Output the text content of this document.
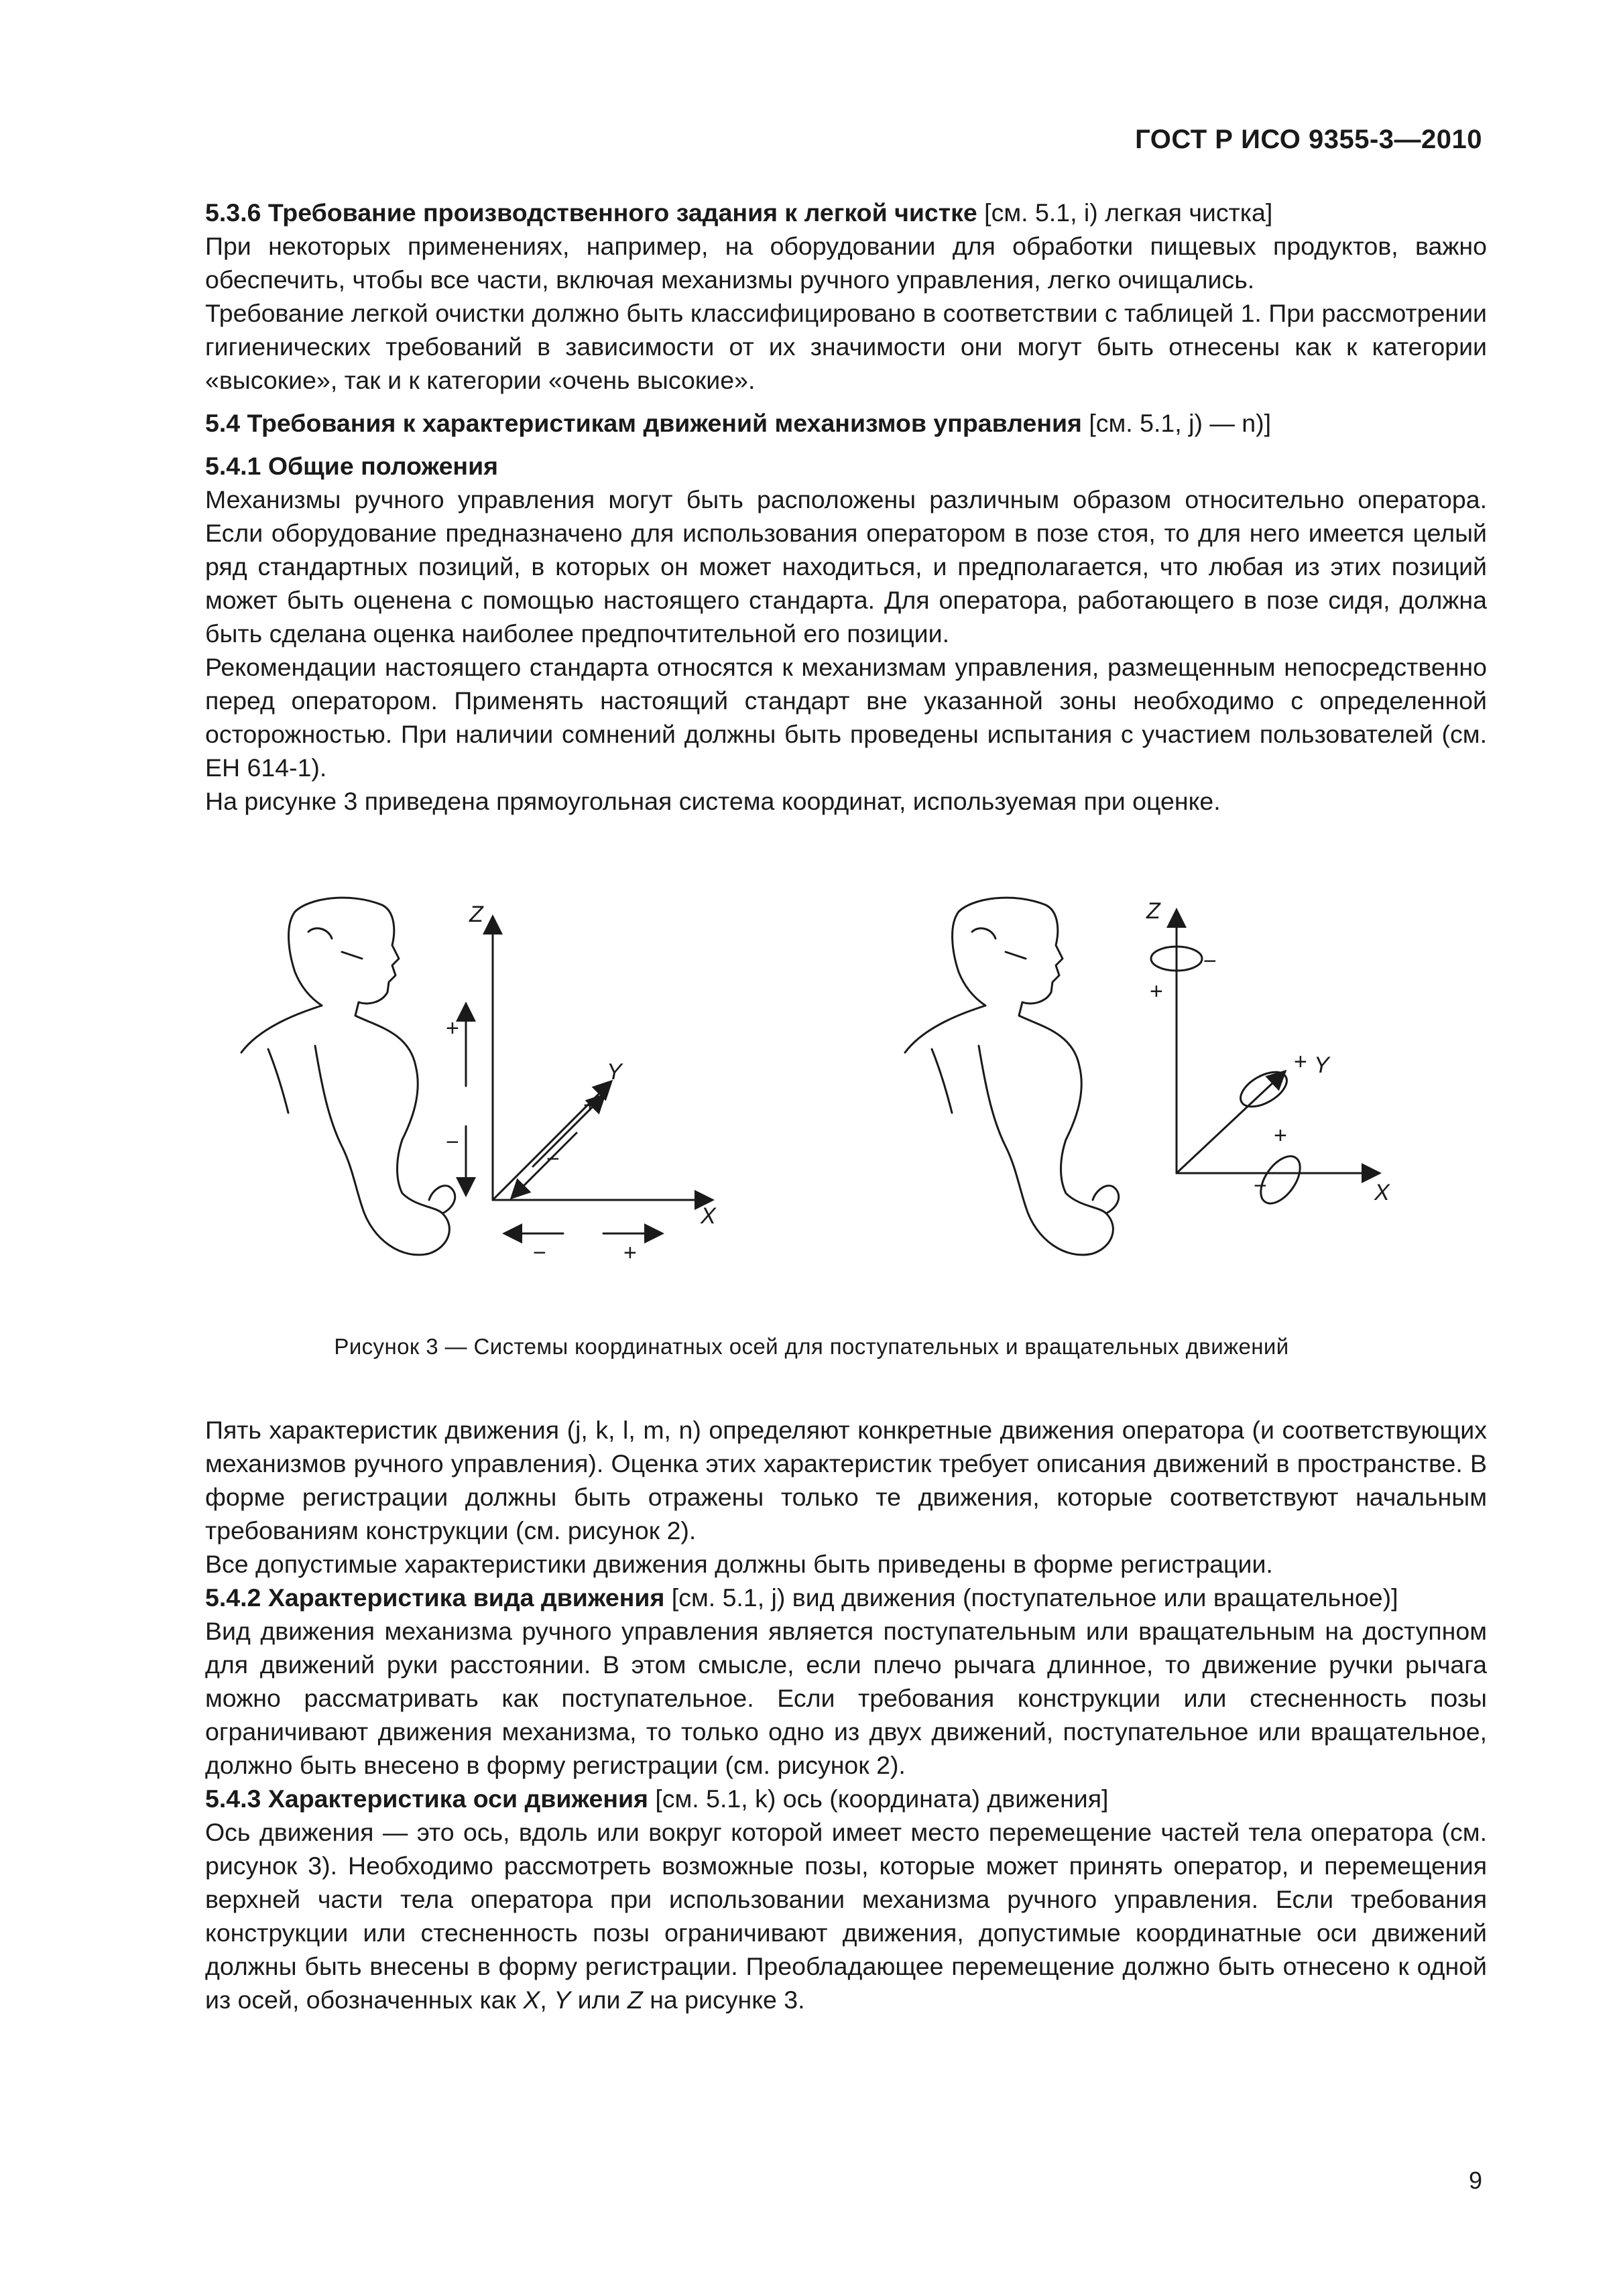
ГОСТ Р ИСО 9355-3—2010

5.3.6 Требование производственного задания к легкой чистке [см. 5.1, i) легкая чистка]

При некоторых применениях, например, на оборудовании для обработки пищевых продуктов, важно обеспечить, чтобы все части, включая механизмы ручного управления, легко очищались.

Требование легкой очистки должно быть классифицировано в соответствии с таблицей 1. При рассмотрении гигиенических требований в зависимости от их значимости они могут быть отнесены как к категории «высокие», так и к категории «очень высокие».

5.4 Требования к характеристикам движений механизмов управления [см. 5.1, j) — n)]

5.4.1 Общие положения

Механизмы ручного управления могут быть расположены различным образом относительно оператора. Если оборудование предназначено для использования оператором в позе стоя, то для него имеется целый ряд стандартных позиций, в которых он может находиться, и предполагается, что любая из этих позиций может быть оценена с помощью настоящего стандарта. Для оператора, работающего в позе сидя, должна быть сделана оценка наиболее предпочтительной его позиции.

Рекомендации настоящего стандарта относятся к механизмам управления, размещенным непосредственно перед оператором. Применять настоящий стандарт вне указанной зоны необходимо с определенной осторожностью. При наличии сомнений должны быть проведены испытания с участием пользователей (см. ЕН 614-1).

На рисунке 3 приведена прямоугольная система координат, используемая при оценке.

Z
Y
X
Z
Y
X
+
−
+
−
−	+
−
+
+
+
−
Рисунок 3 — Системы координатных осей для поступательных и вращательных движений

Пять характеристик движения (j, k, l, m, n) определяют конкретные движения оператора (и соответствующих механизмов ручного управления). Оценка этих характеристик требует описания движений в пространстве. В форме регистрации должны быть отражены только те движения, которые соответствуют начальным требованиям конструкции (см. рисунок 2).

Все допустимые характеристики движения должны быть приведены в форме регистрации.

5.4.2 Характеристика вида движения [см. 5.1, j) вид движения (поступательное или вращательное)]

Вид движения механизма ручного управления является поступательным или вращательным на доступном для движений руки расстоянии. В этом смысле, если плечо рычага длинное, то движение ручки рычага можно рассматривать как поступательное. Если требования конструкции или стесненность позы ограничивают движения механизма, то только одно из двух движений, поступательное или вращательное, должно быть внесено в форму регистрации (см. рисунок 2).

5.4.3 Характеристика оси движения [см. 5.1, k) ось (координата) движения]

Ось движения — это ось, вдоль или вокруг которой имеет место перемещение частей тела оператора (см. рисунок 3). Необходимо рассмотреть возможные позы, которые может принять оператор, и перемещения верхней части тела оператора при использовании механизма ручного управления. Если требования конструкции или стесненность позы ограничивают движения, допустимые координатные оси движений должны быть внесены в форму регистрации. Преобладающее перемещение должно быть отнесено к одной из осей, обозначенных как X, Y или Z на рисунке 3.

9
